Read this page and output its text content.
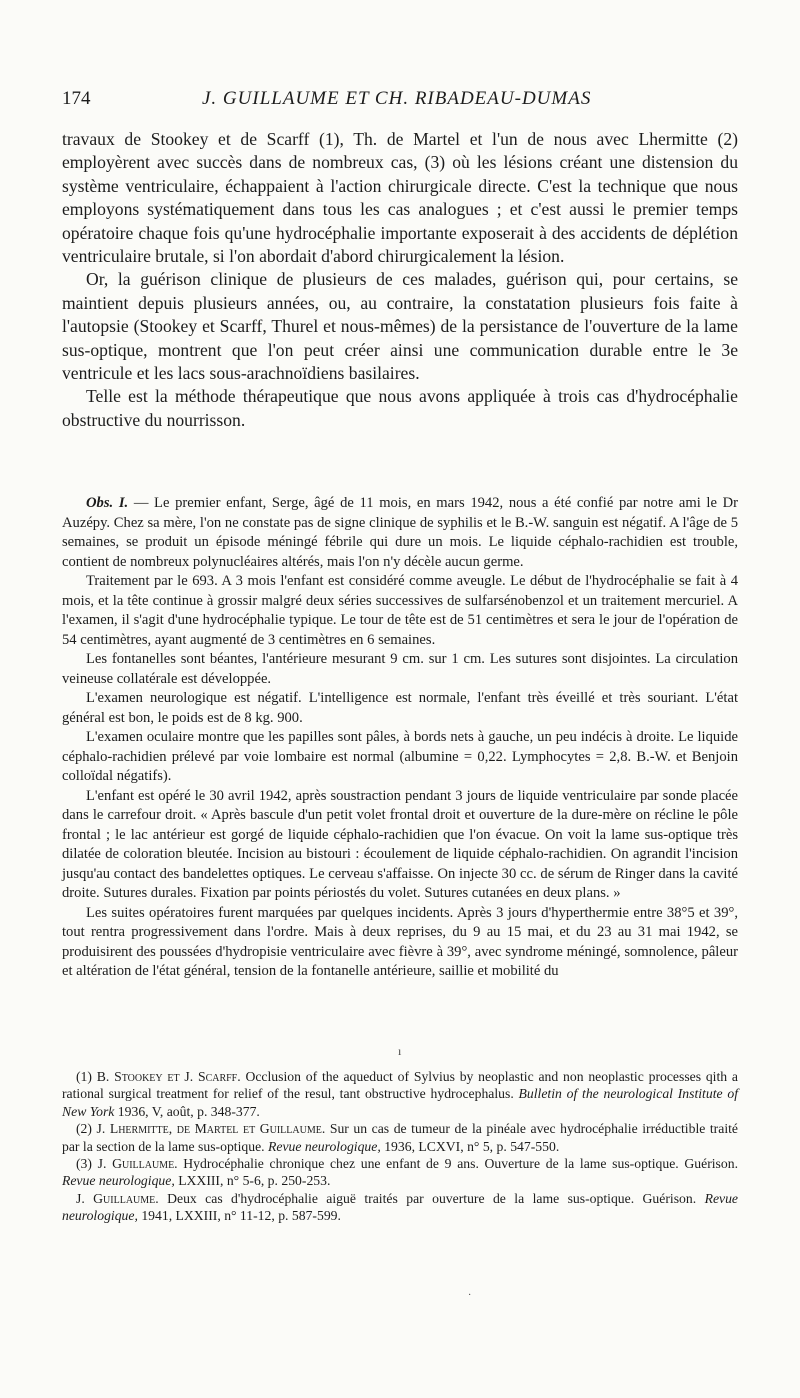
174	J. GUILLAUME ET CH. RIBADEAU-DUMAS

travaux de Stookey et de Scarff (1), Th. de Martel et l'un de nous avec Lhermitte (2) employèrent avec succès dans de nombreux cas, (3) où les lésions créant une distension du système ventriculaire, échappaient à l'action chirurgicale directe. C'est la technique que nous employons systématiquement dans tous les cas analogues ; et c'est aussi le premier temps opératoire chaque fois qu'une hydrocéphalie importante exposerait à des accidents de déplétion ventriculaire brutale, si l'on abordait d'abord chirurgicalement la lésion.

Or, la guérison clinique de plusieurs de ces malades, guérison qui, pour certains, se maintient depuis plusieurs années, ou, au contraire, la constatation plusieurs fois faite à l'autopsie (Stookey et Scarff, Thurel et nous-mêmes) de la persistance de l'ouverture de la lame sus-optique, montrent que l'on peut créer ainsi une communication durable entre le 3e ventricule et les lacs sous-arachnoïdiens basilaires.

Telle est la méthode thérapeutique que nous avons appliquée à trois cas d'hydrocéphalie obstructive du nourrisson.

Obs. I. — Le premier enfant, Serge, âgé de 11 mois, en mars 1942, nous a été confié par notre ami le Dr Auzépy. Chez sa mère, l'on ne constate pas de signe clinique de syphilis et le B.-W. sanguin est négatif. A l'âge de 5 semaines, se produit un épisode méningé fébrile qui dure un mois. Le liquide céphalo-rachidien est trouble, contient de nombreux polynucléaires altérés, mais l'on n'y décèle aucun germe.

Traitement par le 693. A 3 mois l'enfant est considéré comme aveugle. Le début de l'hydrocéphalie se fait à 4 mois, et la tête continue à grossir malgré deux séries successives de sulfarsénobenzol et un traitement mercuriel. A l'examen, il s'agit d'une hydrocéphalie typique. Le tour de tête est de 51 centimètres et sera le jour de l'opération de 54 centimètres, ayant augmenté de 3 centimètres en 6 semaines.

Les fontanelles sont béantes, l'antérieure mesurant 9 cm. sur 1 cm. Les sutures sont disjointes. La circulation veineuse collatérale est développée.

L'examen neurologique est négatif. L'intelligence est normale, l'enfant très éveillé et très souriant. L'état général est bon, le poids est de 8 kg. 900.

L'examen oculaire montre que les papilles sont pâles, à bords nets à gauche, un peu indécis à droite. Le liquide céphalo-rachidien prélevé par voie lombaire est normal (albumine = 0,22. Lymphocytes = 2,8. B.-W. et Benjoin colloïdal négatifs).

L'enfant est opéré le 30 avril 1942, après soustraction pendant 3 jours de liquide ventriculaire par sonde placée dans le carrefour droit. « Après bascule d'un petit volet frontal droit et ouverture de la dure-mère on récline le pôle frontal ; le lac antérieur est gorgé de liquide céphalo-rachidien que l'on évacue. On voit la lame sus-optique très dilatée de coloration bleutée. Incision au bistouri : écoulement de liquide céphalo-rachidien. On agrandit l'incision jusqu'au contact des bandelettes optiques. Le cerveau s'affaisse. On injecte 30 cc. de sérum de Ringer dans la cavité droite. Sutures durales. Fixation par points périostés du volet. Sutures cutanées en deux plans. »

Les suites opératoires furent marquées par quelques incidents. Après 3 jours d'hyperthermie entre 38°5 et 39°, tout rentra progressivement dans l'ordre. Mais à deux reprises, du 9 au 15 mai, et du 23 au 31 mai 1942, se produisirent des poussées d'hydropisie ventriculaire avec fièvre à 39°, avec syndrome méningé, somnolence, pâleur et altération de l'état général, tension de la fontanelle antérieure, saillie et mobilité du

ı

(1) B. Stookey et J. Scarff. Occlusion of the aqueduct of Sylvius by neoplastic and non neoplastic processes qith a rational surgical treatment for relief of the resul, tant obstructive hydrocephalus. Bulletin of the neurological Institute of New York 1936, V, août, p. 348-377.

(2) J. Lhermitte, de Martel et Guillaume. Sur un cas de tumeur de la pinéale avec hydrocéphalie irréductible traité par la section de la lame sus-optique. Revue neurologique, 1936, LCXVI, n° 5, p. 547-550.

(3) J. Guillaume. Hydrocéphalie chronique chez une enfant de 9 ans. Ouverture de la lame sus-optique. Guérison. Revue neurologique, LXXIII, n° 5-6, p. 250-253.

J. Guillaume. Deux cas d'hydrocéphalie aiguë traités par ouverture de la lame sus-optique. Guérison. Revue neurologique, 1941, LXXIII, n° 11-12, p. 587-599.

·
